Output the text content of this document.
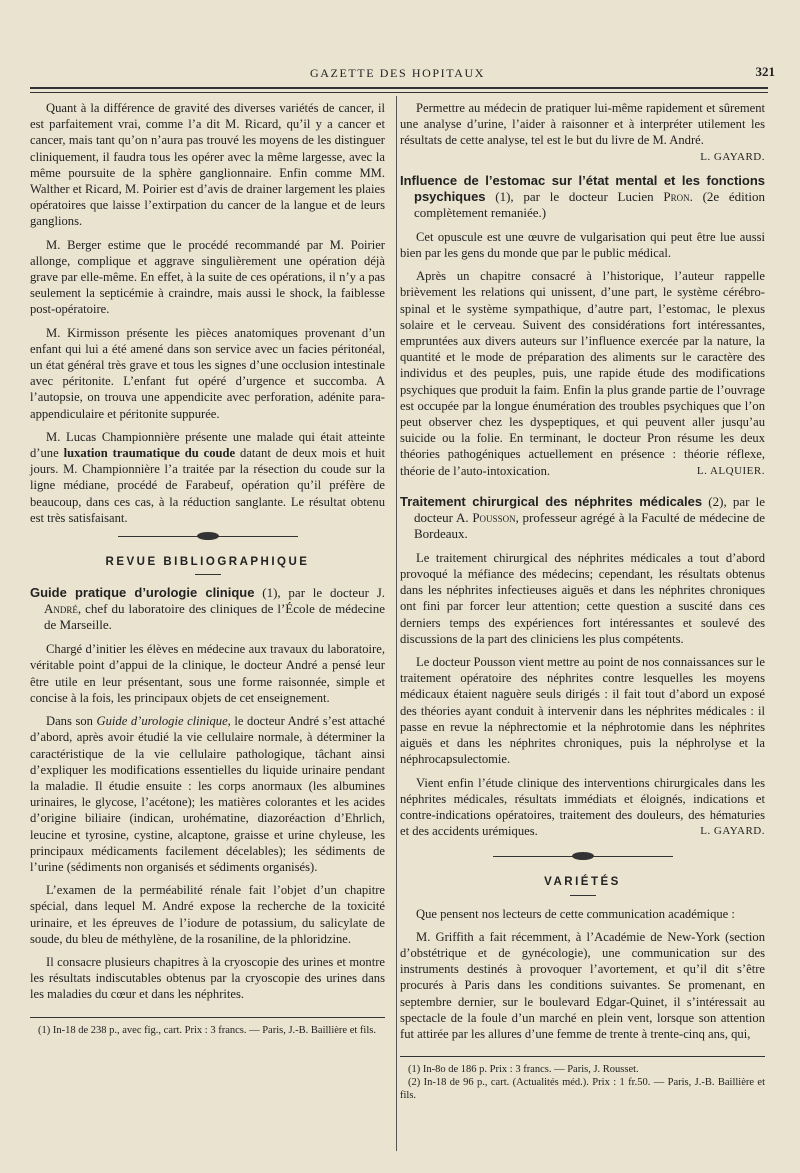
GAZETTE DES HOPITAUX	321

Quant à la différence de gravité des diverses variétés de cancer, il est parfaitement vrai, comme l’a dit M. Ricard, qu’il y a cancer et cancer, mais tant qu’on n’aura pas trouvé les moyens de les distinguer cliniquement, il faudra tous les opérer avec la même largesse, avec la même poursuite de la sphère ganglionnaire. Enfin comme MM. Walther et Ricard, M. Poirier est d’avis de drainer largement les plaies opératoires que laisse l’extirpation du cancer de la langue et de leurs ganglions.

M. Berger estime que le procédé recommandé par M. Poirier allonge, complique et aggrave singulièrement une opération déjà grave par elle-même. En effet, à la suite de ces opérations, il n’y a pas seulement la septicémie à craindre, mais aussi le shock, la faiblesse post-opératoire.

M. Kirmisson présente les pièces anatomiques provenant d’un enfant qui lui a été amené dans son service avec un facies péritonéal, un état général très grave et tous les signes d’une occlusion intestinale avec péritonite. L’enfant fut opéré d’urgence et succomba. A l’autopsie, on trouva une appendicite avec perforation, adénite para-appendiculaire et péritonite suppurée.

M. Lucas Championnière présente une malade qui était atteinte d’une luxation traumatique du coude datant de deux mois et huit jours. M. Championnière l’a traitée par la résection du coude sur la ligne médiane, procédé de Farabeuf, opération qu’il préfère de beaucoup, dans ces cas, à la réduction sanglante. Le résultat obtenu est très satisfaisant.

REVUE BIBLIOGRAPHIQUE
Guide pratique d’urologie clinique (1), par le docteur J. André, chef du laboratoire des cliniques de l’École de médecine de Marseille.

Chargé d’initier les élèves en médecine aux travaux du laboratoire, véritable point d’appui de la clinique, le docteur André a pensé leur être utile en leur présentant, sous une forme raisonnée, simple et concise à la fois, les principaux objets de cet enseignement.

Dans son Guide d’urologie clinique, le docteur André s’est attaché d’abord, après avoir étudié la vie cellulaire normale, à déterminer la caractéristique de la vie cellulaire pathologique, tâchant ainsi d’expliquer les modifications essentielles du liquide urinaire pendant la maladie. Il étudie ensuite : les corps anormaux (les albumines urinaires, le glycose, l’acétone); les matières colorantes et les acides d’origine biliaire (indican, urohématine, diazoréaction d’Ehrlich, leucine et tyrosine, cystine, alcaptone, graisse et urine chyleuse, les principaux médicaments facilement décelables); les sédiments de l’urine (sédiments non organisés et sédiments organisés).

L’examen de la perméabilité rénale fait l’objet d’un chapitre spécial, dans lequel M. André expose la recherche de la toxicité urinaire, et les épreuves de l’iodure de potassium, du salicylate de soude, du bleu de méthylène, de la rosaniline, de la phloridzine.

Il consacre plusieurs chapitres à la cryoscopie des urines et montre les résultats indiscutables obtenus par la cryoscopie des urines dans les maladies du cœur et dans les néphrites.

(1) In-18 de 238 p., avec fig., cart. Prix : 3 francs. — Paris, J.-B. Baillière et fils.

Permettre au médecin de pratiquer lui-même rapidement et sûrement une analyse d’urine, l’aider à raisonner et à interpréter utilement les résultats de cette analyse, tel est le but du livre de M. André.
L. GAYARD.

Influence de l’estomac sur l’état mental et les fonctions psychiques (1), par le docteur Lucien Pron. (2e édition complètement remaniée.)

Cet opuscule est une œuvre de vulgarisation qui peut être lue aussi bien par les gens du monde que par le public médical.

Après un chapitre consacré à l’historique, l’auteur rappelle brièvement les relations qui unissent, d’une part, le système cérébro-spinal et le système sympathique, d’autre part, l’estomac, le plexus solaire et le cerveau. Suivent des considérations fort intéressantes, empruntées aux divers auteurs sur l’influence exercée par la nature, la quantité et le mode de préparation des aliments sur le caractère des individus et des peuples, puis, une rapide étude des modifications psychiques que produit la faim. Enfin la plus grande partie de l’ouvrage est occupée par la longue énumération des troubles psychiques que l’on peut observer chez les dyspeptiques, et qui peuvent aller jusqu’au suicide ou la folie. En terminant, le docteur Pron résume les deux théories pathogéniques actuellement en présence : théorie réflexe, théorie de l’auto-intoxication.	L. ALQUIER.

Traitement chirurgical des néphrites médicales (2), par le docteur A. Pousson, professeur agrégé à la Faculté de médecine de Bordeaux.

Le traitement chirurgical des néphrites médicales a tout d’abord provoqué la méfiance des médecins; cependant, les résultats obtenus dans les néphrites infectieuses aiguës et dans les néphrites chroniques ont fini par forcer leur attention; cette question a suscité dans ces derniers temps des expériences fort intéressantes et soulevé des discussions de la part des cliniciens les plus compétents.

Le docteur Pousson vient mettre au point de nos connaissances sur le traitement opératoire des néphrites contre lesquelles les moyens médicaux étaient naguère seuls dirigés : il fait tout d’abord un exposé des théories ayant conduit à intervenir dans les néphrites médicales : il passe en revue la néphrectomie et la néphrotomie dans les néphrites aiguës et dans les néphrites chroniques, puis la néphrolyse et la néphrocapsulectomie.

Vient enfin l’étude clinique des interventions chirurgicales dans les néphrites médicales, résultats immédiats et éloignés, indications et contre-indications opératoires, traitement des douleurs, des hématuries et des accidents urémiques.	L. GAYARD.

VARIÉTÉS

Que pensent nos lecteurs de cette communication académique :

M. Griffith a fait récemment, à l’Académie de New-York (section d’obstétrique et de gynécologie), une communication sur des instruments destinés à provoquer l’avortement, et qu’il dit s’être procurés à Paris dans les conditions suivantes. Se promenant, en septembre dernier, sur le boulevard Edgar-Quinet, il s’intéressait au spectacle de la foule d’un marché en plein vent, lorsque son attention fut attirée par les allures d’une femme de trente à trente-cinq ans, qui,

(1) In-8o de 186 p. Prix : 3 francs. — Paris, J. Rousset.

(2) In-18 de 96 p., cart. (Actualités méd.). Prix : 1 fr.50. — Paris, J.-B. Baillière et fils.
